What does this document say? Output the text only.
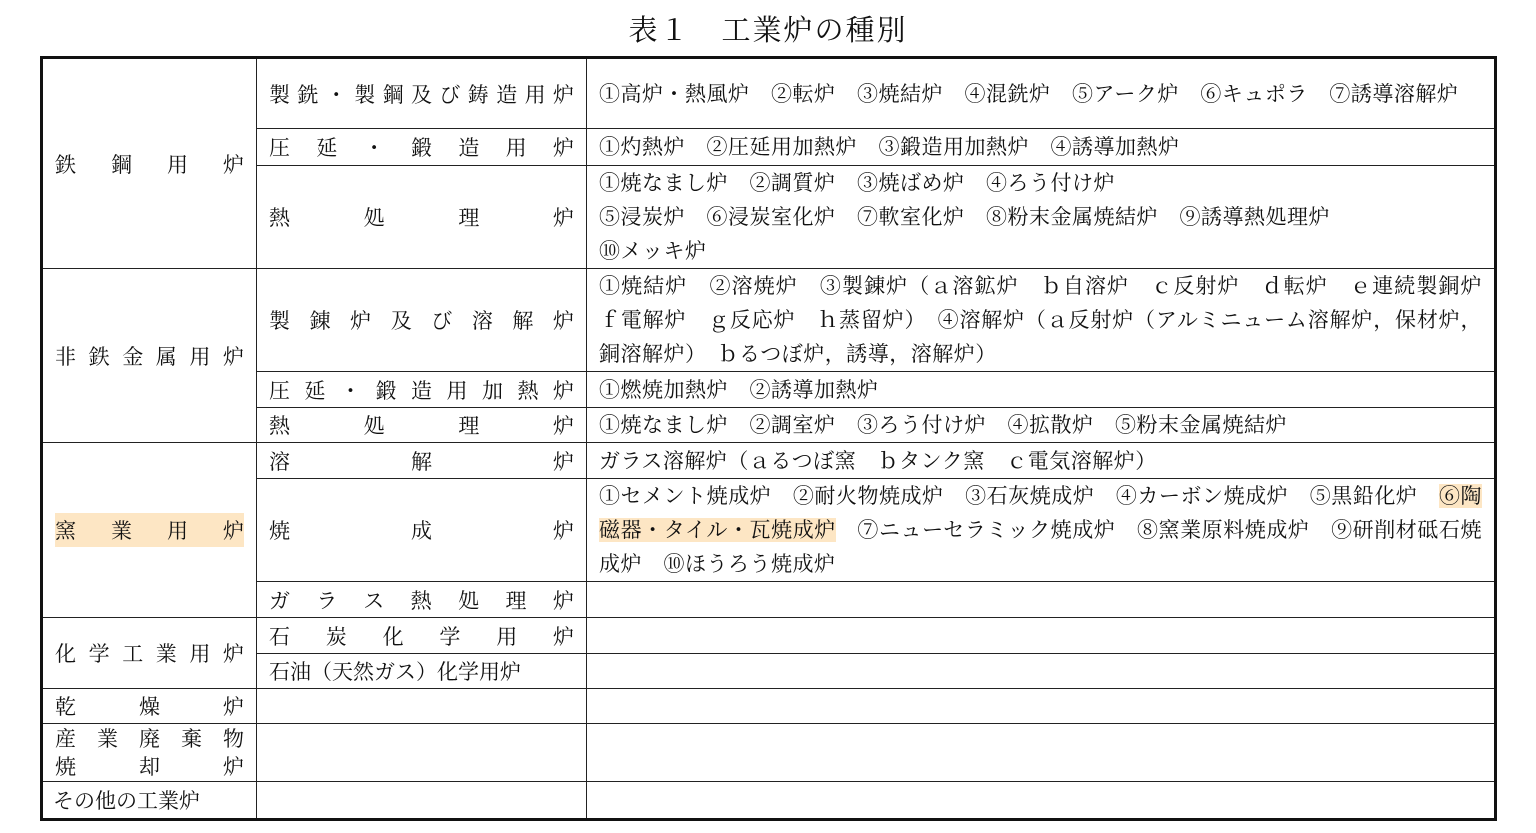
表１　工業炉の種別
鉄鋼用炉	製銑・製鋼及び鋳造用炉	①高炉・熱風炉　②転炉　③焼結炉　④混銑炉　⑤アーク炉　⑥キュポラ　⑦誘導溶解炉
	圧延・鍛造用炉	①灼熱炉　②圧延用加熱炉　③鍛造用加熱炉　④誘導加熱炉
	熱処理炉	①焼なまし炉　②調質炉　③焼ばめ炉　④ろう付け炉
⑤浸炭炉　⑥浸炭室化炉　⑦軟室化炉　⑧粉末金属焼結炉　⑨誘導熱処理炉
⑩メッキ炉

非鉄金属用炉	製錬炉及び溶解炉	①焼結炉　②溶焼炉　③製錬炉（ａ溶鉱炉　ｂ自溶炉　ｃ反射炉　ｄ転炉　ｅ連続製銅炉　ｆ電解炉　ｇ反応炉　ｈ蒸留炉）　④溶解炉（ａ反射炉（アルミニューム溶解炉，保材炉，銅溶解炉）　ｂるつぼ炉，誘導，溶解炉）
	圧延・鍛造用加熱炉	①燃焼加熱炉　②誘導加熱炉
	熱処理炉	①焼なまし炉　②調室炉　③ろう付け炉　④拡散炉　⑤粉末金属焼結炉

窯業用炉	溶解炉	ガラス溶解炉（ａるつぼ窯　ｂタンク窯　ｃ電気溶解炉）
	焼成炉	①セメント焼成炉　②耐火物焼成炉　③石灰焼成炉　④カーボン焼成炉　⑤黒鉛化炉　⑥陶磁器・タイル・瓦焼成炉　⑦ニューセラミック焼成炉　⑧窯業原料焼成炉　⑨研削材砥石焼成炉　⑩ほうろう焼成炉
	ガラス熱処理炉	
化学工業用炉	石炭化学用炉	
	石油（天然ガス）化学用炉	
乾燥炉		

産業廃棄物
焼却炉		

その他の工業炉		
